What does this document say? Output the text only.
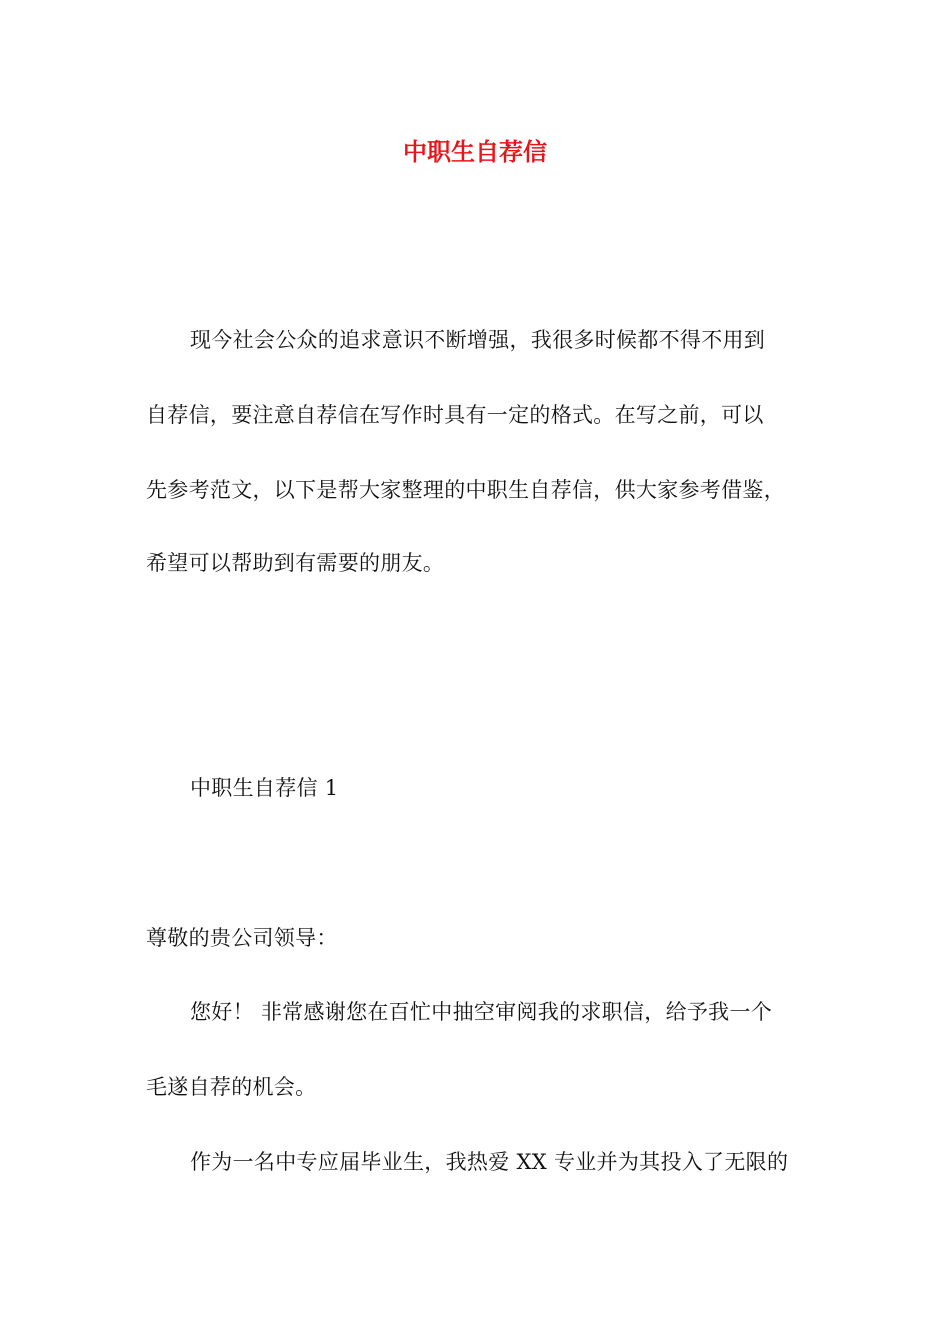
中职生自荐信

现今社会公众的追求意识不断增强，我很多时候都不得不用到

自荐信，要注意自荐信在写作时具有一定的格式。在写之前，可以

先参考范文，以下是帮大家整理的中职生自荐信，供大家参考借鉴，

希望可以帮助到有需要的朋友。

中职生自荐信 1

尊敬的贵公司领导：

您好！ 非常感谢您在百忙中抽空审阅我的求职信，给予我一个

毛遂自荐的机会。

作为一名中专应届毕业生，我热爱 XX 专业并为其投入了无限的
